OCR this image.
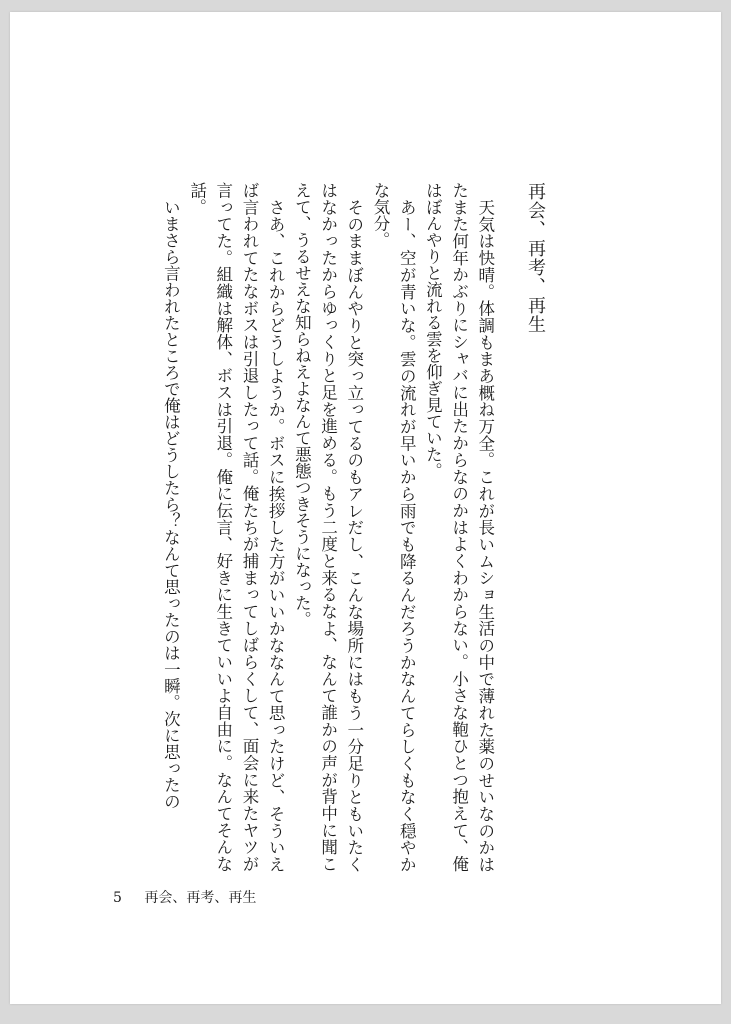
再会、再考、再生

天気は快晴。体調もまあ概ね万全。これが長いムショ生活の中で薄れた薬のせいなのかはたまた何年かぶりにシャバに出たからなのかはよくわからない。小さな鞄ひとつ抱えて、俺はぼんやりと流れる雲を仰ぎ見ていた。

あー、空が青いな。雲の流れが早いから雨でも降るんだろうかなんてらしくもなく穏やかな気分。

そのままぼんやりと突っ立ってるのもアレだし、こんな場所にはもう一分足りともいたくはなかったからゆっくりと足を進める。もう二度と来るなよ、なんて誰かの声が背中に聞こえて、うるせえな知らねえよなんて悪態つきそうになった。

さあ、これからどうしようか。ボスに挨拶した方がいいかななんて思ったけど、そういえば言われてたなボスは引退したって話。俺たちが捕まってしばらくして、面会に来たヤツが言ってた。組織は解体、ボスは引退。俺に伝言、好きに生きていいよ自由に。なんてそんな話。

いまさら言われたところで俺はどうしたら？なんて思ったのは一瞬。次に思ったの

5 再会、再考、再生
